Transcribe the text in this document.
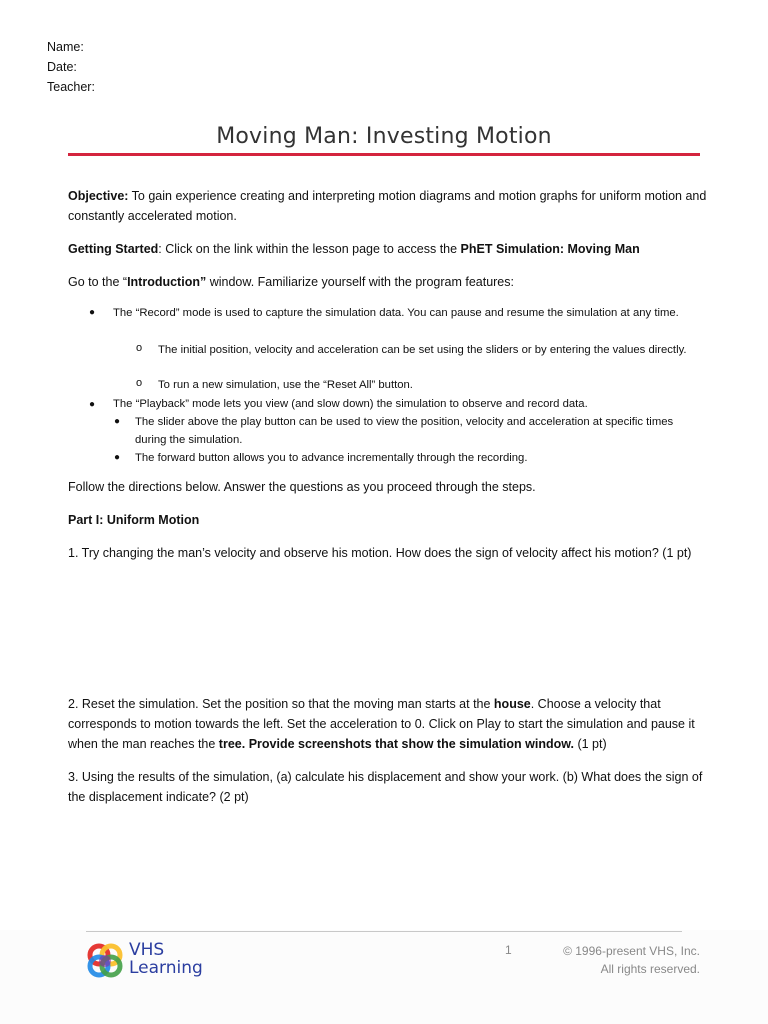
Name:
Date:
Teacher:
Moving Man: Investing Motion
Objective: To gain experience creating and interpreting motion diagrams and motion graphs for uniform motion and constantly accelerated motion.
Getting Started: Click on the link within the lesson page to access the PhET Simulation: Moving Man
Go to the “Introduction” window. Familiarize yourself with the program features:
● The “Record” mode is used to capture the simulation data. You can pause and resume the simulation at any time.
o The initial position, velocity and acceleration can be set using the sliders or by entering the values directly.
o To run a new simulation, use the “Reset All” button.
● The “Playback” mode lets you view (and slow down) the simulation to observe and record data.
● The slider above the play button can be used to view the position, velocity and acceleration at specific times during the simulation.
● The forward button allows you to advance incrementally through the recording.
Follow the directions below. Answer the questions as you proceed through the steps.
Part I: Uniform Motion
1. Try changing the man’s velocity and observe his motion. How does the sign of velocity affect his motion? (1 pt)
2. Reset the simulation. Set the position so that the moving man starts at the house. Choose a velocity that corresponds to motion towards the left. Set the acceleration to 0. Click on Play to start the simulation and pause it when the man reaches the tree. Provide screenshots that show the simulation window. (1 pt)
3. Using the results of the simulation, (a) calculate his displacement and show your work. (b) What does the sign of the displacement indicate? (2 pt)
VHS
Learning
1	© 1996-present VHS, Inc.
All rights reserved.
